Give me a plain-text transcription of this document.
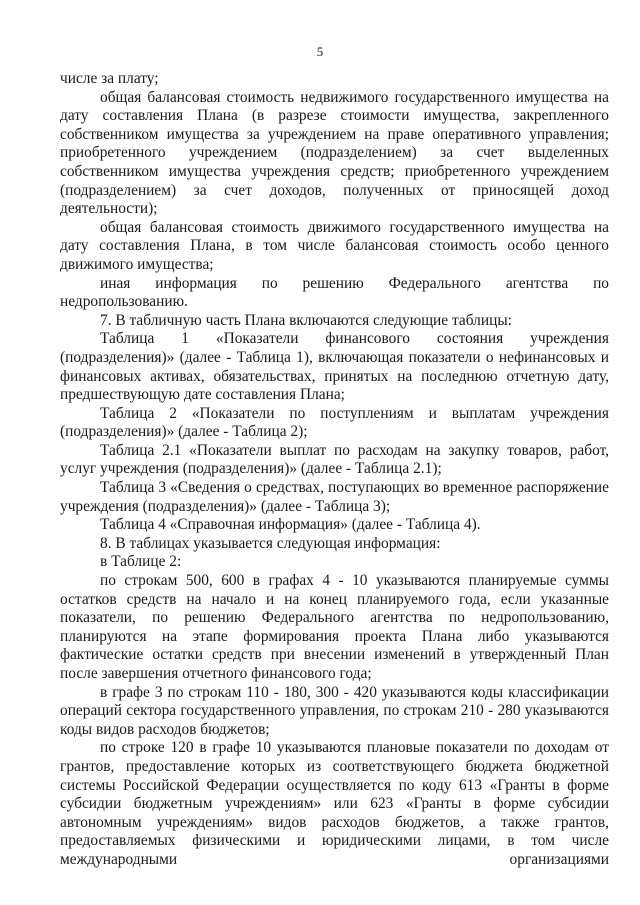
5

числе за плату;

общая балансовая стоимость недвижимого государственного имущества на дату составления Плана (в разрезе стоимости имущества, закрепленного собственником имущества за учреждением на праве оперативного управления; приобретенного учреждением (подразделением) за счет выделенных собственником имущества учреждения средств; приобретенного учреждением (подразделением) за счет доходов, полученных от приносящей доход деятельности);

общая балансовая стоимость движимого государственного имущества на дату составления Плана, в том числе балансовая стоимость особо ценного движимого имущества;

иная информация по решению Федерального агентства по недропользованию.

7. В табличную часть Плана включаются следующие таблицы:

Таблица 1 «Показатели финансового состояния учреждения (подразделения)» (далее - Таблица 1), включающая показатели о нефинансовых и финансовых активах, обязательствах, принятых на последнюю отчетную дату, предшествующую дате составления Плана;

Таблица 2 «Показатели по поступлениям и выплатам учреждения (подразделения)» (далее - Таблица 2);

Таблица 2.1 «Показатели выплат по расходам на закупку товаров, работ, услуг учреждения (подразделения)» (далее - Таблица 2.1);

Таблица 3 «Сведения о средствах, поступающих во временное распоряжение учреждения (подразделения)» (далее - Таблица 3);

Таблица 4 «Справочная информация» (далее - Таблица 4).

8. В таблицах указывается следующая информация:

в Таблице 2:

по строкам 500, 600 в графах 4 - 10 указываются планируемые суммы остатков средств на начало и на конец планируемого года, если указанные показатели, по решению Федерального агентства по недропользованию, планируются на этапе формирования проекта Плана либо указываются фактические остатки средств при внесении изменений в утвержденный План после завершения отчетного финансового года;

в графе 3 по строкам 110 - 180, 300 - 420 указываются коды классификации операций сектора государственного управления, по строкам 210 - 280 указываются коды видов расходов бюджетов;

по строке 120 в графе 10 указываются плановые показатели по доходам от грантов, предоставление которых из соответствующего бюджета бюджетной системы Российской Федерации осуществляется по коду 613 «Гранты в форме субсидии бюджетным учреждениям» или 623 «Гранты в форме субсидии автономным учреждениям» видов расходов бюджетов, а также грантов, предоставляемых физическими и юридическими лицами, в том числе международными организациями
